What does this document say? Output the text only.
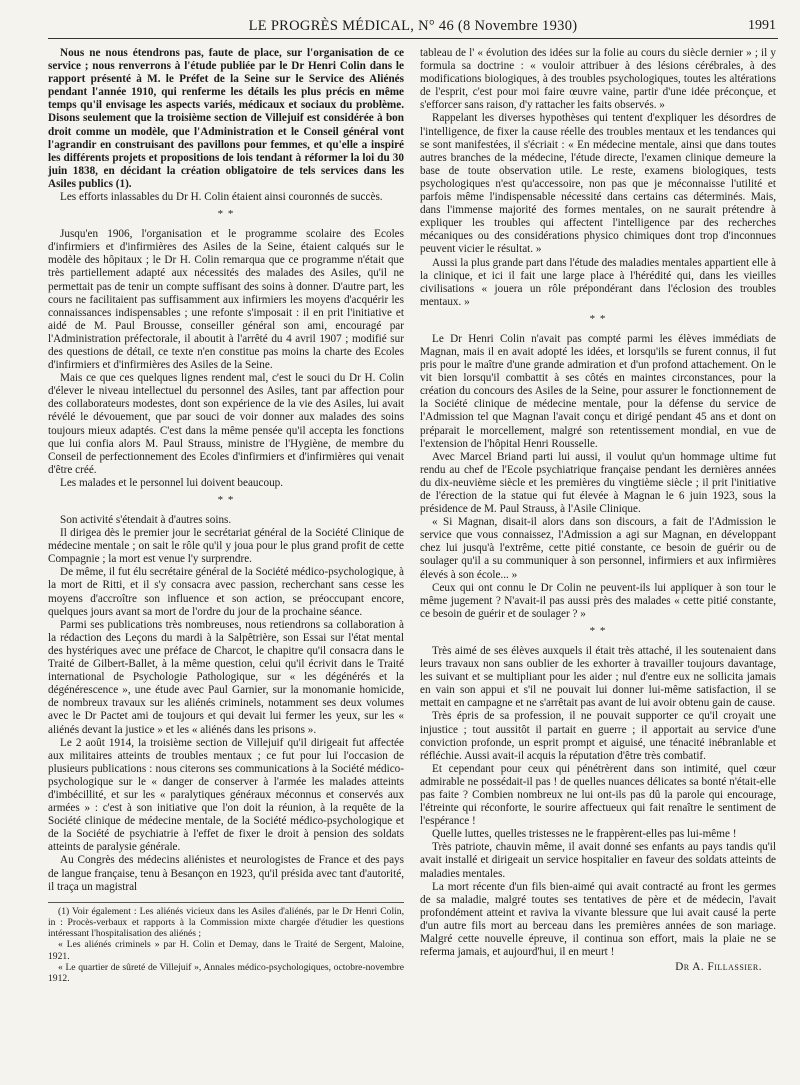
LE PROGRÈS MÉDICAL, N° 46 (8 Novembre 1930)	1991

Nous ne nous étendrons pas, faute de place, sur l'organisation de ce service ; nous renverrons à l'étude publiée par le Dr Henri Colin dans le rapport présenté à M. le Préfet de la Seine sur le Service des Aliénés pendant l'année 1910, qui renferme les détails les plus précis en même temps qu'il envisage les aspects variés, médicaux et sociaux du problème. Disons seulement que la troisième section de Villejuif est considérée à bon droit comme un modèle, que l'Administration et le Conseil général vont l'agrandir en construisant des pavillons pour femmes, et qu'elle a inspiré les différents projets et propositions de lois tendant à réformer la loi du 30 juin 1838, en décidant la création obligatoire de tels services dans les Asiles publics (1).

Les efforts inlassables du Dr H. Colin étaient ainsi couronnés de succès.

* *

Jusqu'en 1906, l'organisation et le programme scolaire des Ecoles d'infirmiers et d'infirmières des Asiles de la Seine, étaient calqués sur le modèle des hôpitaux ; le Dr H. Colin remarqua que ce programme n'était que très partiellement adapté aux nécessités des malades des Asiles, qu'il ne permettait pas de tenir un compte suffisant des soins à donner. D'autre part, les cours ne facilitaient pas suffisamment aux infirmiers les moyens d'acquérir les connaissances indispensables ; une refonte s'imposait : il en prit l'initiative et aidé de M. Paul Brousse, conseiller général son ami, encouragé par l'Administration préfectorale, il aboutit à l'arrêté du 4 avril 1907 ; modifié sur des questions de détail, ce texte n'en constitue pas moins la charte des Ecoles d'infirmiers et d'infirmières des Asiles de la Seine.

Mais ce que ces quelques lignes rendent mal, c'est le souci du Dr H. Colin d'élever le niveau intellectuel du personnel des Asiles, tant par affection pour des collaborateurs modestes, dont son expérience de la vie des Asiles, lui avait révélé le dévouement, que par souci de voir donner aux malades des soins toujours mieux adaptés. C'est dans la même pensée qu'il accepta les fonctions que lui confia alors M. Paul Strauss, ministre de l'Hygiène, de membre du Conseil de perfectionnement des Ecoles d'infirmiers et d'infirmières qui venait d'être créé.

Les malades et le personnel lui doivent beaucoup.

* *

Son activité s'étendait à d'autres soins.

Il dirigea dès le premier jour le secrétariat général de la Société Clinique de médecine mentale ; on sait le rôle qu'il y joua pour le plus grand profit de cette Compagnie ; la mort est venue l'y surprendre.

De même, il fut élu secrétaire général de la Société médico-psychologique, à la mort de Ritti, et il s'y consacra avec passion, recherchant sans cesse les moyens d'accroître son influence et son action, se préoccupant encore, quelques jours avant sa mort de l'ordre du jour de la prochaine séance.

Parmi ses publications très nombreuses, nous retiendrons sa collaboration à la rédaction des Leçons du mardi à la Salpêtrière, son Essai sur l'état mental des hystériques avec une préface de Charcot, le chapitre qu'il consacra dans le Traité de Gilbert-Ballet, à la même question, celui qu'il écrivit dans le Traité international de Psychologie Pathologique, sur « les dégénérés et la dégénérescence », une étude avec Paul Garnier, sur la monomanie homicide, de nombreux travaux sur les aliénés criminels, notamment ses deux volumes avec le Dr Pactet ami de toujours et qui devait lui fermer les yeux, sur les « aliénés devant la justice » et les « aliénés dans les prisons ».

Le 2 août 1914, la troisième section de Villejuif qu'il dirigeait fut affectée aux militaires atteints de troubles mentaux ; ce fut pour lui l'occasion de plusieurs publications : nous citerons ses communications à la Société médico-psychologique sur le « danger de conserver à l'armée les malades atteints d'imbécillité, et sur les « paralytiques généraux méconnus et conservés aux armées » : c'est à son initiative que l'on doit la réunion, à la requête de la Société clinique de médecine mentale, de la Société médico-psychologique et de la Société de psychiatrie à l'effet de fixer le droit à pension des soldats atteints de paralysie générale.

Au Congrès des médecins aliénistes et neurologistes de France et des pays de langue française, tenu à Besançon en 1923, qu'il présida avec tant d'autorité, il traça un magistral

(1) Voir également : Les aliénés vicieux dans les Asiles d'aliénés, par le Dr Henri Colin, in : Procès-verbaux et rapports à la Commission mixte chargée d'étudier les questions intéressant l'hospitalisation des aliénés ;

« Les aliénés criminels » par H. Colin et Demay, dans le Traité de Sergent, Maloine, 1921.

« Le quartier de sûreté de Villejuif », Annales médico-psychologiques, octobre-novembre 1912.

tableau de l' « évolution des idées sur la folie au cours du siècle dernier » ; il y formula sa doctrine : « vouloir attribuer à des lésions cérébrales, à des modifications biologiques, à des troubles psychologiques, toutes les altérations de l'esprit, c'est pour moi faire œuvre vaine, partir d'une idée préconçue, et s'efforcer sans raison, d'y rattacher les faits observés. »

Rappelant les diverses hypothèses qui tentent d'expliquer les désordres de l'intelligence, de fixer la cause réelle des troubles mentaux et les tendances qui se sont manifestées, il s'écriait : « En médecine mentale, ainsi que dans toutes autres branches de la médecine, l'étude directe, l'examen clinique demeure la base de toute observation utile. Le reste, examens biologiques, tests psychologiques n'est qu'accessoire, non pas que je méconnaisse l'utilité et parfois même l'indispensable nécessité dans certains cas déterminés. Mais, dans l'immense majorité des formes mentales, on ne saurait prétendre à expliquer les troubles qui affectent l'intelligence par des recherches mécaniques ou des considérations physico chimiques dont trop d'inconnues peuvent vicier le résultat. »

Aussi la plus grande part dans l'étude des maladies mentales appartient elle à la clinique, et ici il fait une large place à l'hérédité qui, dans les vieilles civilisations « jouera un rôle prépondérant dans l'éclosion des troubles mentaux. »

* *

Le Dr Henri Colin n'avait pas compté parmi les élèves immédiats de Magnan, mais il en avait adopté les idées, et lorsqu'ils se furent connus, il fut pris pour le maître d'une grande admiration et d'un profond attachement. On le vit bien lorsqu'il combattit à ses côtés en maintes circonstances, pour la création du concours des Asiles de la Seine, pour assurer le fonctionnement de la Société clinique de médecine mentale, pour la défense du service de l'Admission tel que Magnan l'avait conçu et dirigé pendant 45 ans et dont on préparait le morcellement, malgré son retentissement mondial, en vue de l'extension de l'hôpital Henri Rousselle.

Avec Marcel Briand parti lui aussi, il voulut qu'un hommage ultime fut rendu au chef de l'Ecole psychiatrique française pendant les dernières années du dix-neuvième siècle et les premières du vingtième siècle ; il prit l'initiative de l'érection de la statue qui fut élevée à Magnan le 6 juin 1923, sous la présidence de M. Paul Strauss, à l'Asile Clinique.

« Si Magnan, disait-il alors dans son discours, a fait de l'Admission le service que vous connaissez, l'Admission a agi sur Magnan, en développant chez lui jusqu'à l'extrême, cette pitié constante, ce besoin de guérir ou de soulager qu'il a su communiquer à son personnel, infirmiers et aux infirmières élevés à son école... »

Ceux qui ont connu le Dr Colin ne peuvent-ils lui appliquer à son tour le même jugement ? N'avait-il pas aussi près des malades « cette pitié constante, ce besoin de guérir et de soulager ? »

* *

Très aimé de ses élèves auxquels il était très attaché, il les soutenaient dans leurs travaux non sans oublier de les exhorter à travailler toujours davantage, les suivant et se multipliant pour les aider ; nul d'entre eux ne sollicita jamais en vain son appui et s'il ne pouvait lui donner lui-même satisfaction, il se mettait en campagne et ne s'arrêtait pas avant de lui avoir obtenu gain de cause.

Très épris de sa profession, il ne pouvait supporter ce qu'il croyait une injustice ; tout aussitôt il partait en guerre ; il apportait au service d'une conviction profonde, un esprit prompt et aiguisé, une ténacité inébranlable et réfléchie. Aussi avait-il acquis la réputation d'être très combatif.

Et cependant pour ceux qui pénétrèrent dans son intimité, quel cœur admirable ne possédait-il pas ! de quelles nuances délicates sa bonté n'était-elle pas faite ? Combien nombreux ne lui ont-ils pas dû la parole qui encourage, l'étreinte qui réconforte, le sourire affectueux qui fait renaître le sentiment de l'espérance !

Quelle luttes, quelles tristesses ne le frappèrent-elles pas lui-même !

Très patriote, chauvin même, il avait donné ses enfants au pays tandis qu'il avait installé et dirigeait un service hospitalier en faveur des soldats atteints de maladies mentales.

La mort récente d'un fils bien-aimé qui avait contracté au front les germes de sa maladie, malgré toutes ses tentatives de père et de médecin, l'avait profondément atteint et raviva la vivante blessure que lui avait causé la perte d'un autre fils mort au berceau dans les premières années de son mariage. Malgré cette nouvelle épreuve, il continua son effort, mais la plaie ne se referma jamais, et aujourd'hui, il en meurt !

Dr A. Fillassier.
